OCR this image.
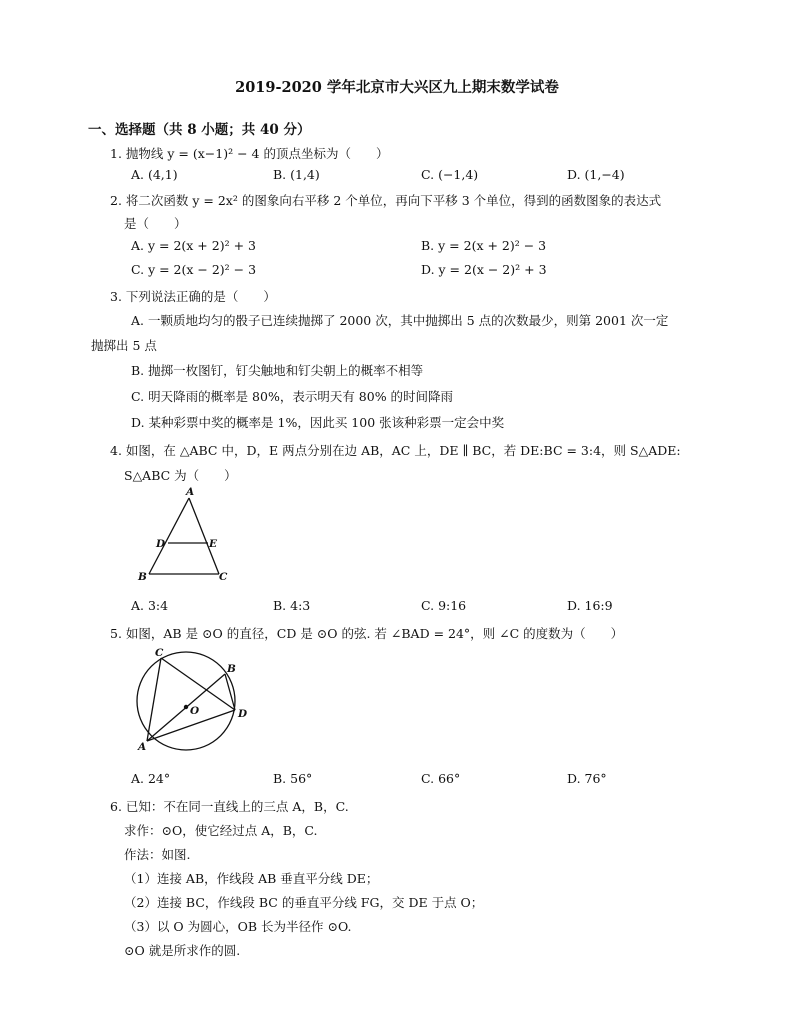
2019-2020 学年北京市大兴区九上期末数学试卷
一、选择题（共 8 小题；共 40 分）
1. 抛物线 y = (x−1)² − 4 的顶点坐标为（　　）
A. (4,1)	B. (1,4)	C. (−1,4)	D. (1,−4)
2. 将二次函数 y = 2x² 的图象向右平移 2 个单位，再向下平移 3 个单位，得到的函数图象的表达式
是（　　）
A. y = 2(x + 2)² + 3	B. y = 2(x + 2)² − 3
C. y = 2(x − 2)² − 3	D. y = 2(x − 2)² + 3
3. 下列说法正确的是（　　）
A. 一颗质地均匀的骰子已连续抛掷了 2000 次，其中抛掷出 5 点的次数最少，则第 2001 次一定
抛掷出 5 点
B. 抛掷一枚图钉，钉尖触地和钉尖朝上的概率不相等
C. 明天降雨的概率是 80%，表示明天有 80% 的时间降雨
D. 某种彩票中奖的概率是 1%，因此买 100 张该种彩票一定会中奖
4. 如图，在 △ABC 中，D，E 两点分别在边 AB，AC 上，DE ∥ BC，若 DE:BC = 3:4，则 S△ADE:
S△ABC 为（　　）
A
D	E
B	C
A. 3:4	B. 4:3	C. 9:16	D. 16:9
5. 如图，AB 是 ⊙O 的直径，CD 是 ⊙O 的弦. 若 ∠BAD = 24°，则 ∠C 的度数为（　　）
C
B
O	D
A
A. 24°	B. 56°	C. 66°	D. 76°
6. 已知：不在同一直线上的三点 A，B，C.
求作：⊙O，使它经过点 A，B，C.
作法：如图.
（1）连接 AB，作线段 AB 垂直平分线 DE；
（2）连接 BC，作线段 BC 的垂直平分线 FG，交 DE 于点 O；
（3）以 O 为圆心，OB 长为半径作 ⊙O.
⊙O 就是所求作的圆.
